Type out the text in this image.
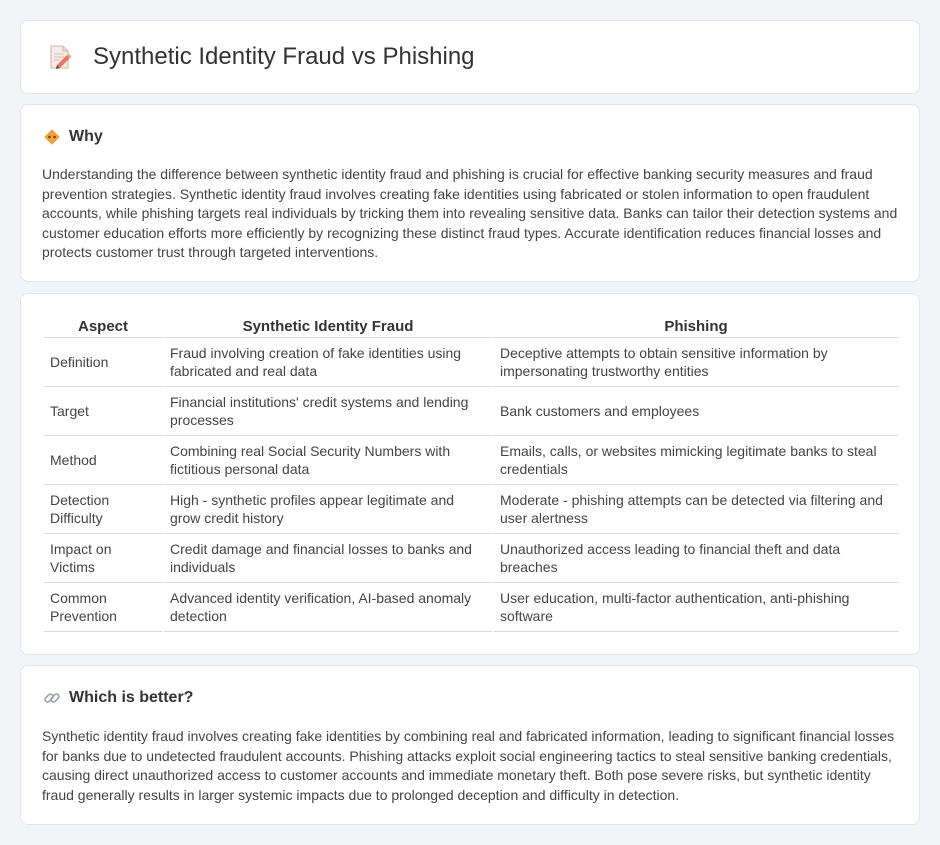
Synthetic Identity Fraud vs Phishing
Why

Understanding the difference between synthetic identity fraud and phishing is crucial for effective banking security measures and fraud prevention strategies. Synthetic identity fraud involves creating fake identities using fabricated or stolen information to open fraudulent accounts, while phishing targets real individuals by tricking them into revealing sensitive data. Banks can tailor their detection systems and customer education efforts more efficiently by recognizing these distinct fraud types. Accurate identification reduces financial losses and protects customer trust through targeted interventions.

Aspect	Synthetic Identity Fraud	Phishing
Definition	Fraud involving creation of fake identities using fabricated and real data	Deceptive attempts to obtain sensitive information by impersonating trustworthy entities
Target	Financial institutions' credit systems and lending processes	Bank customers and employees
Method	Combining real Social Security Numbers with fictitious personal data	Emails, calls, or websites mimicking legitimate banks to steal credentials
Detection Difficulty	High - synthetic profiles appear legitimate and grow credit history	Moderate - phishing attempts can be detected via filtering and user alertness
Impact on Victims	Credit damage and financial losses to banks and individuals	Unauthorized access leading to financial theft and data breaches
Common Prevention	Advanced identity verification, AI-based anomaly detection	User education, multi-factor authentication, anti-phishing software
Which is better?

Synthetic identity fraud involves creating fake identities by combining real and fabricated information, leading to significant financial losses for banks due to undetected fraudulent accounts. Phishing attacks exploit social engineering tactics to steal sensitive banking credentials, causing direct unauthorized access to customer accounts and immediate monetary theft. Both pose severe risks, but synthetic identity fraud generally results in larger systemic impacts due to prolonged deception and difficulty in detection.
